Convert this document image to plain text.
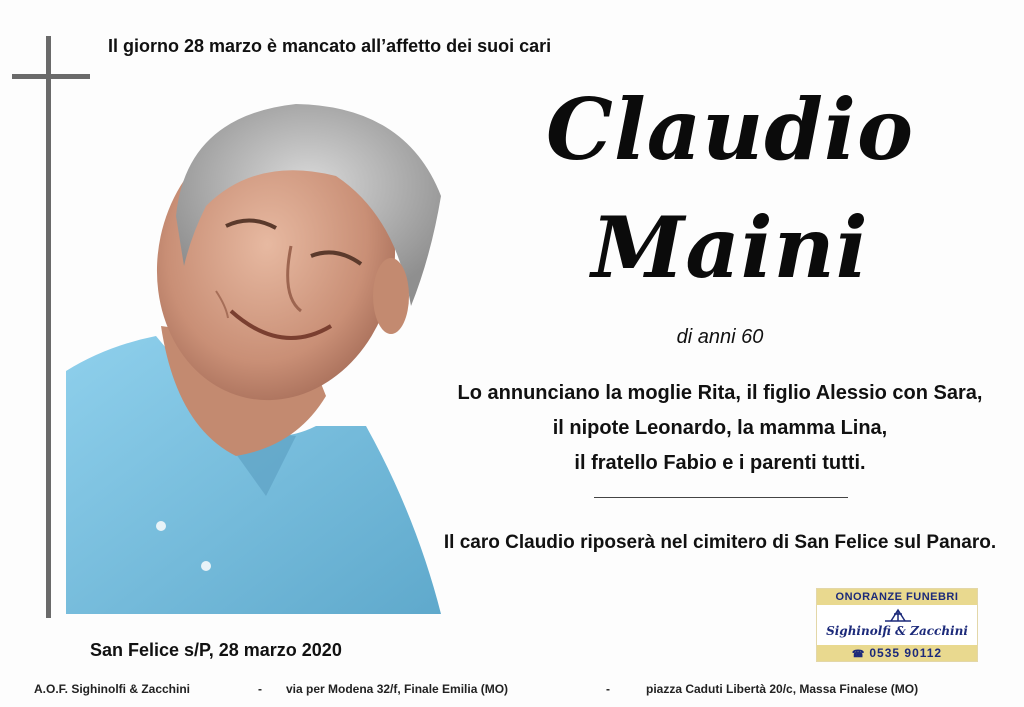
Il giorno 28 marzo è mancato all’affetto dei suoi cari
Claudio
Maini
di anni 60
Lo annunciano la moglie Rita, il figlio Alessio con Sara,
il nipote Leonardo, la mamma Lina,
il fratello Fabio e i parenti tutti.
Il caro Claudio riposerà nel cimitero di San Felice sul Panaro.
San Felice s/P, 28 marzo 2020
ONORANZE FUNEBRI
Sighinolfi & Zacchini
☎ 0535 90112
A.O.F. Sighinolfi & Zacchini	- via per Modena 32/f, Finale Emilia (MO)	-	piazza Caduti Libertà 20/c, Massa Finalese (MO)
